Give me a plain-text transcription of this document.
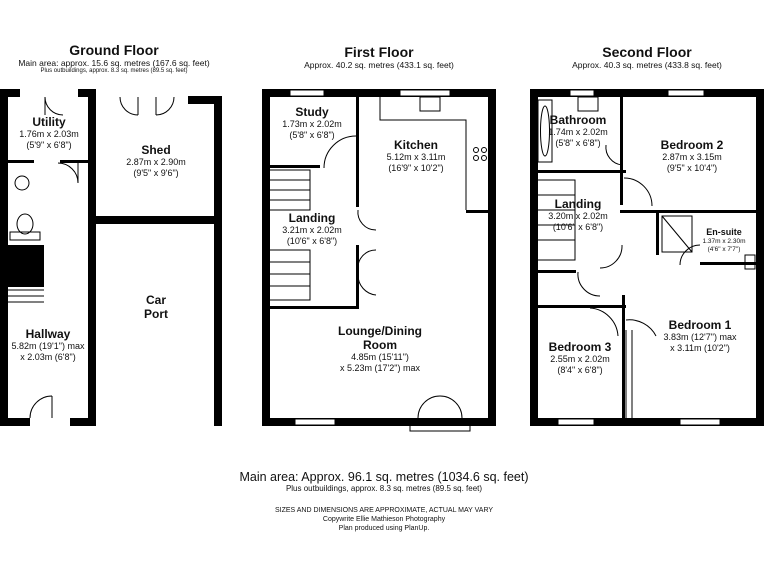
Ground Floor
Main area: approx. 15.6 sq. metres (167.6 sq. feet)
Plus outbuildings, approx. 8.3 sq. metres (89.5 sq. feet)
Utility
1.76m x 2.03m
(5'9" x 6'8")	Shed
2.87m x 2.90m
(9'5" x 9'6")
Car
Port
Hallway
5.82m (19'1") max
x 2.03m (6'8")
First Floor
Approx. 40.2 sq. metres (433.1 sq. feet)
Study
1.73m x 2.02m
(5'8" x 6'8")
Kitchen
5.12m x 3.11m
(16'9" x 10'2")
Landing
3.21m x 2.02m
(10'6" x 6'8")
Lounge/Dining
Room
4.85m (15'11")
x 5.23m (17'2") max
Second Floor
Approx. 40.3 sq. metres (433.8 sq. feet)
Bathroom
1.74m x 2.02m
(5'8" x 6'8")	Bedroom 2
2.87m x 3.15m
(9'5" x 10'4")
Landing
3.20m x 2.02m
(10'6" x 6'8")
En-suite
1.37m x 2.30m
(4'6" x 7'7")
Bedroom 1
3.83m (12'7") max
x 3.11m (10'2")
Bedroom 3
2.55m x 2.02m
(8'4" x 6'8")
Main area: Approx. 96.1 sq. metres (1034.6 sq. feet)
Plus outbuildings, approx. 8.3 sq. metres (89.5 sq. feet)
SIZES AND DIMENSIONS ARE APPROXIMATE, ACTUAL MAY VARY
Copywrite Ellie Mathieson Photography
Plan produced using PlanUp.
